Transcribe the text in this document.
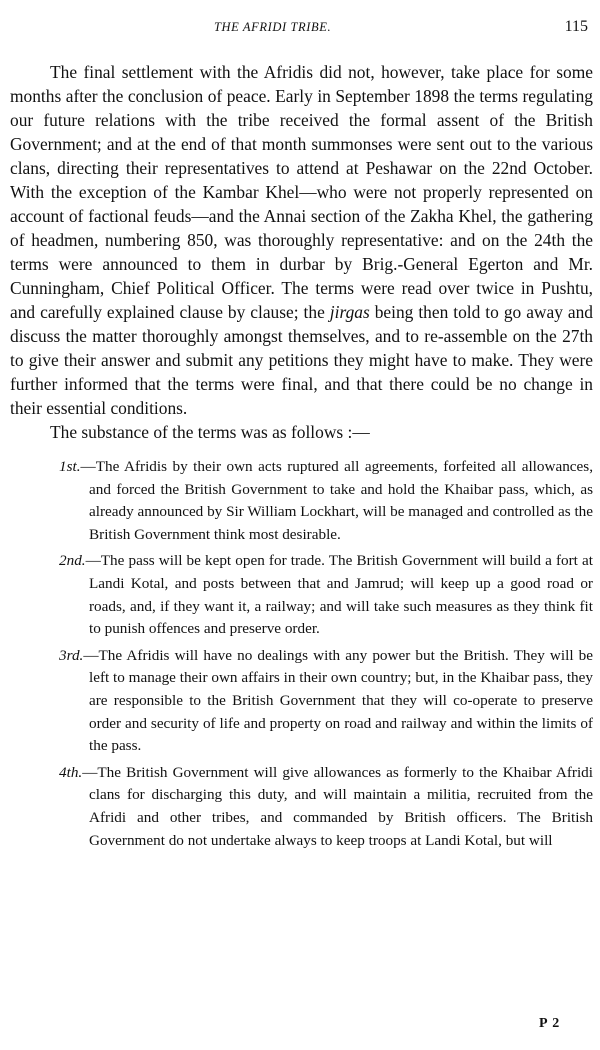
THE AFRIDI TRIBE.	115

The final settlement with the Afridis did not, however, take place for some months after the conclusion of peace. Early in September 1898 the terms regulating our future relations with the tribe received the formal assent of the British Government; and at the end of that month summonses were sent out to the various clans, directing their representatives to attend at Peshawar on the 22nd October. With the exception of the Kambar Khel—who were not properly represented on account of factional feuds—and the Annai section of the Zakha Khel, the gathering of headmen, numbering 850, was thoroughly representative: and on the 24th the terms were announced to them in durbar by Brig.-General Egerton and Mr. Cunningham, Chief Political Officer. The terms were read over twice in Pushtu, and carefully explained clause by clause; the jirgas being then told to go away and discuss the matter thoroughly amongst themselves, and to re-assemble on the 27th to give their answer and submit any petitions they might have to make. They were further informed that the terms were final, and that there could be no change in their essential conditions.

The substance of the terms was as follows :—

1st.—The Afridis by their own acts ruptured all agreements, forfeited all allowances, and forced the British Government to take and hold the Khaibar pass, which, as already announced by Sir William Lockhart, will be managed and controlled as the British Government think most desirable.
2nd.—The pass will be kept open for trade. The British Government will build a fort at Landi Kotal, and posts between that and Jamrud; will keep up a good road or roads, and, if they want it, a railway; and will take such measures as they think fit to punish offences and preserve order.
3rd.—The Afridis will have no dealings with any power but the British. They will be left to manage their own affairs in their own country; but, in the Khaibar pass, they are responsible to the British Government that they will co-operate to preserve order and security of life and property on road and railway and within the limits of the pass.
4th.—The British Government will give allowances as formerly to the Khaibar Afridi clans for discharging this duty, and will maintain a militia, recruited from the Afridi and other tribes, and commanded by British officers. The British Government do not undertake always to keep troops at Landi Kotal, but will
P 2
